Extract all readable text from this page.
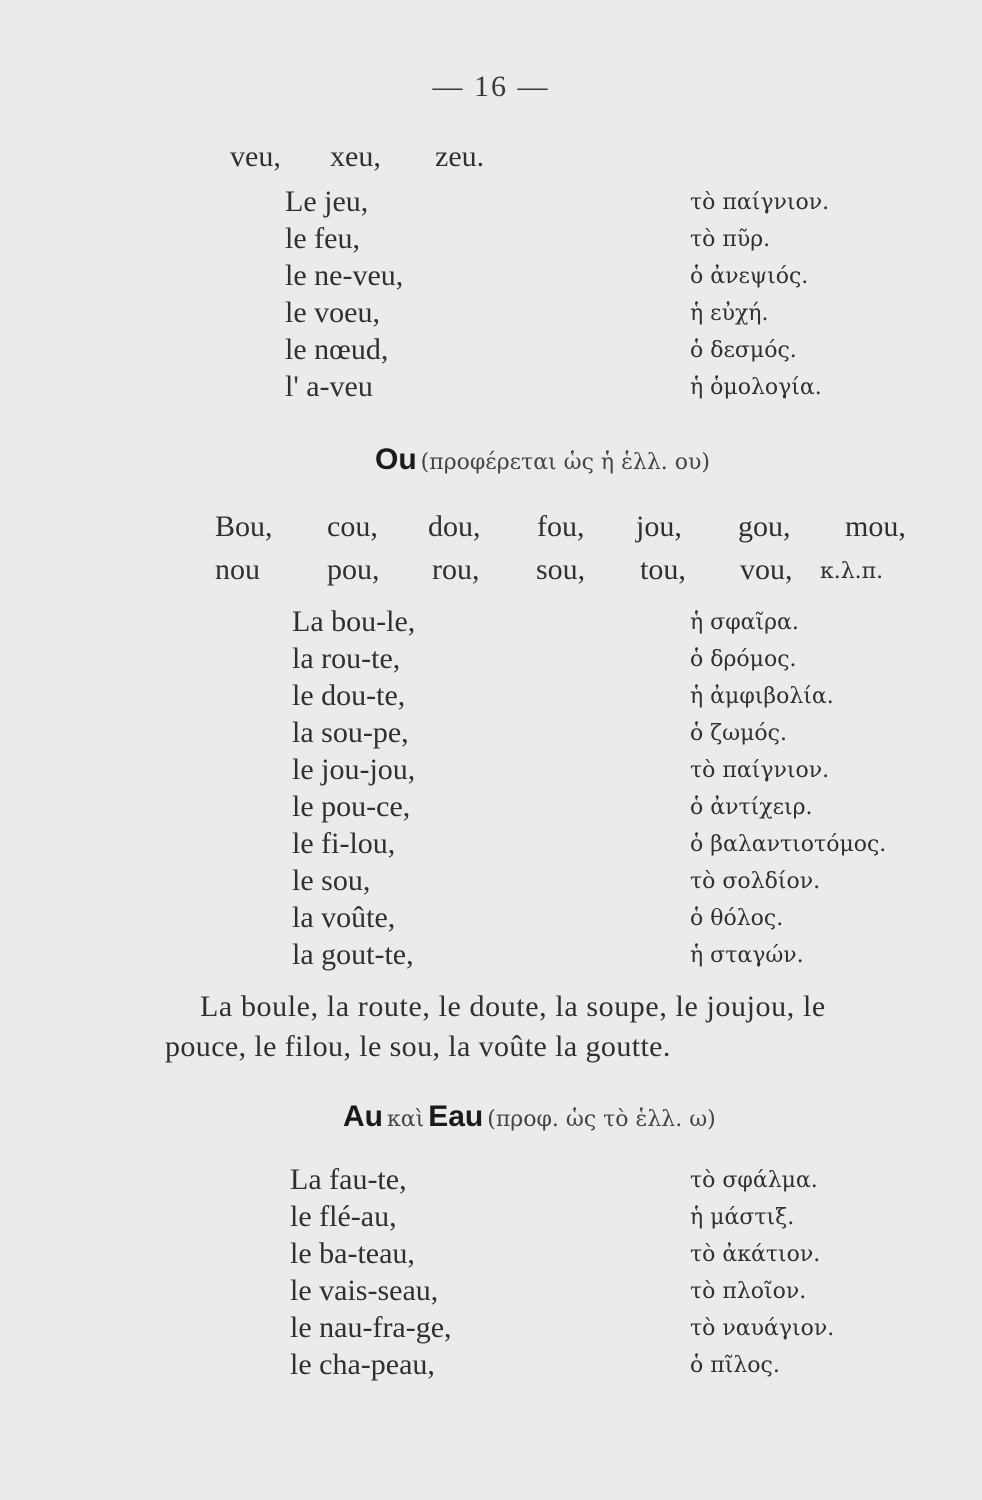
— 16 —
veu, xeu, zeu.
Le jeu,	τὸ παίγνιον.
le feu,	τὸ πῦρ.
le ne-veu,	ὁ ἀνεψιός.
le voeu,	ἡ εὐχή.
le nœud,	ὁ δεσμός.
l' a-veu	ἡ ὁμολογία.
Ou (προφέρεται ὡς ἡ ἑλλ. ου)
Bou, cou, dou, fou, jou, gou, mou,
nou pou, rou, sou, tou, vou, κ.λ.π.
La bou-le,	ἡ σφαῖρα.
la rou-te,	ὁ δρόμος.
le dou-te,	ἡ ἀμφιβολία.
la sou-pe,	ὁ ζωμός.
le jou-jou,	τὸ παίγνιον.
le pou-ce,	ὁ ἀντίχειρ.
le fi-lou,	ὁ βαλαντιοτόμος.
le sou,	τὸ σολδίον.
la voûte,	ὁ θόλος.
la gout-te,	ἡ σταγών.
La boule, la route, le doute, la soupe, le joujou, le
pouce, le filou, le sou, la voûte la goutte.
Au καὶ Eau (προφ. ὡς τὸ ἑλλ. ω)
La fau-te,	τὸ σφάλμα.
le flé-au,	ἡ μάστιξ.
le ba-teau,	τὸ ἀκάτιον.
le vais-seau,	τὸ πλοῖον.
le nau-fra-ge,	τὸ ναυάγιον.
le cha-peau,	ὁ πῖλος.
